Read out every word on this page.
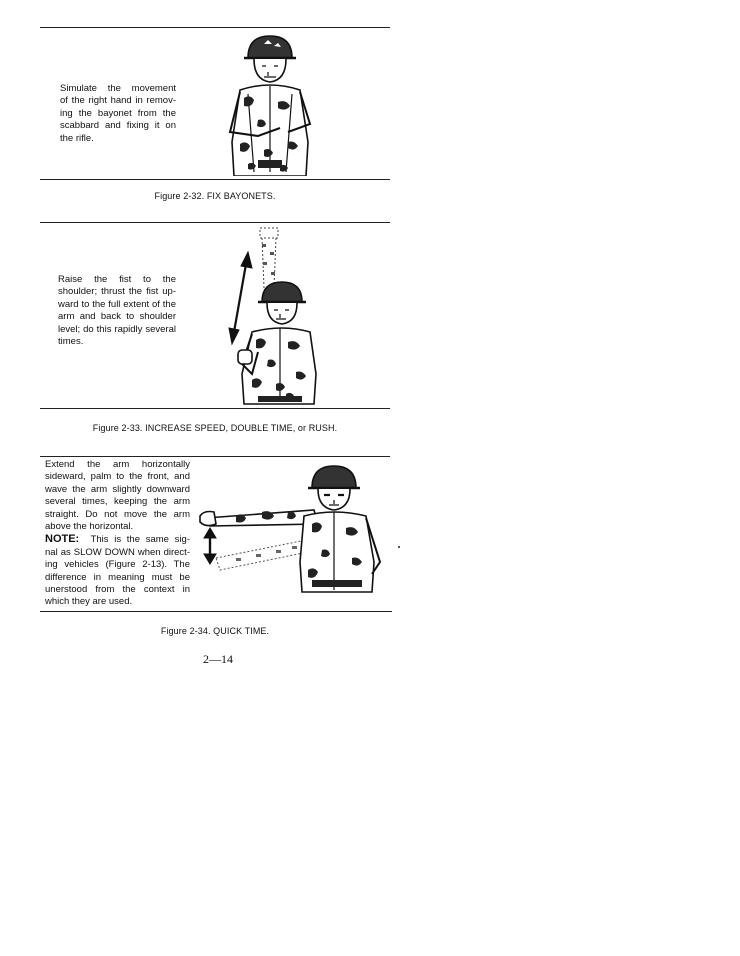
Simulate the movement

of the right hand in remov-

ing the bayonet from the

scabbard and fixing it on

the rifle.

Figure 2-32. FIX BAYONETS.

Raise the fist to the

shoulder; thrust the fist up-

ward to the full extent of the

arm and back to shoulder

level; do this rapidly several

times.

Figure 2-33. INCREASE SPEED, DOUBLE TIME, or RUSH.

Extend the arm horizontally

sideward, palm to the front, and

wave the arm slightly downward

several times, keeping the arm

straight. Do not move the arm

above the horizontal.

NOTE: This is the same sig-

nal as SLOW DOWN when direct-

ing vehicles (Figure 2-13). The

difference in meaning must be

unerstood from the context in

which they are used.

Figure 2-34. QUICK TIME.
2—14
